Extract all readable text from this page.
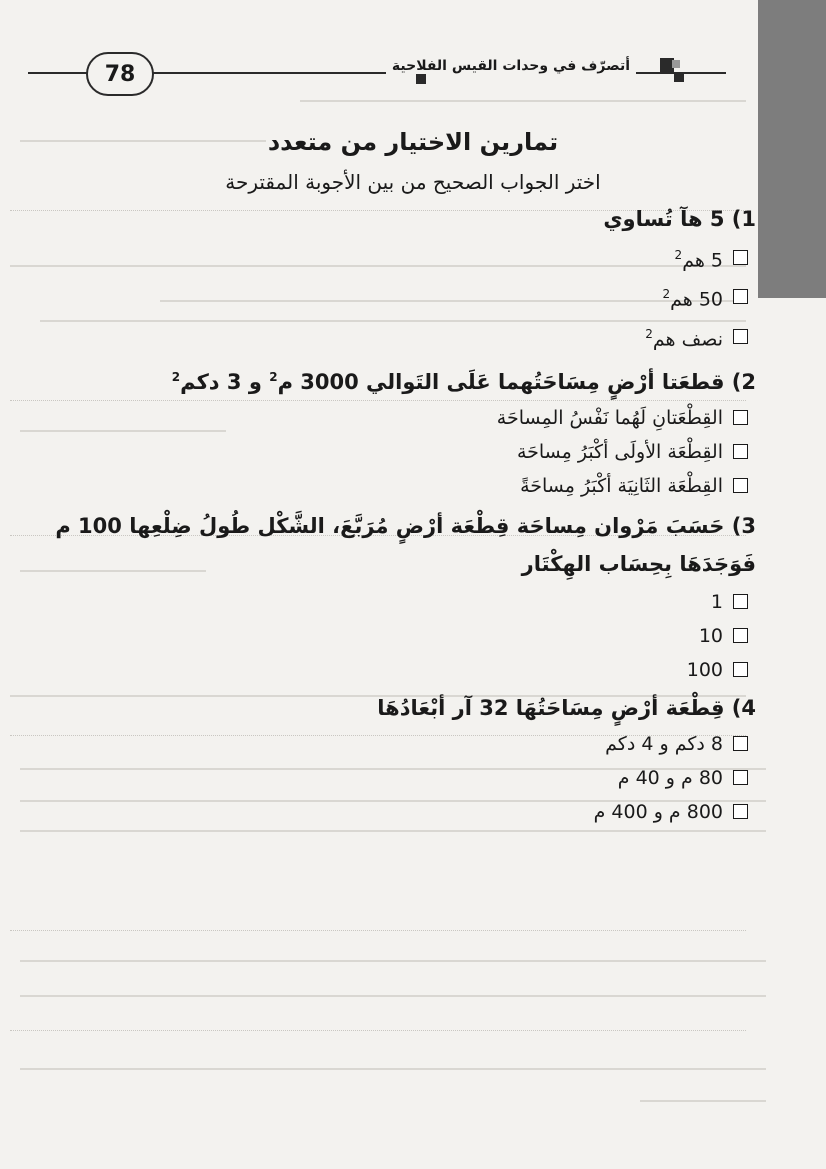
أتصرّف في وحدات القيس الفلاحية
78
تمارين الاختيار من متعدد
اختر الجواب الصحيح من بين الأجوبة المقترحة

1) 5 هآ تُساوي

5 هم$^2$
50 هم$^2$
نصف هم$^2$

2) قطعَتا أرْضٍ مِسَاحَتُهما عَلَى التَوالي 3000 م$^2$ و 3 دكم$^2$

القِطْعَتانِ لَهُما نَفْسُ المِساحَة
القِطْعَة الأولَى أكْبَرُ مِساحَة
القِطْعَة الثَانِيَة أكْبَرُ مِساحَةً

3) حَسَبَ مَرْوان مِساحَة قِطْعَة أرْضٍ مُرَبَّعَ، الشَّكْل طُولُ ضِلْعِها 100 م فَوَجَدَهَا بِحِسَاب الهِكْتَار

1
10
100

4) قِطْعَة أرْضٍ مِسَاحَتُهَا 32 آر أبْعَادُهَا

8 دكم و 4 دكم
80 م و 40 م
800 م و 400 م
